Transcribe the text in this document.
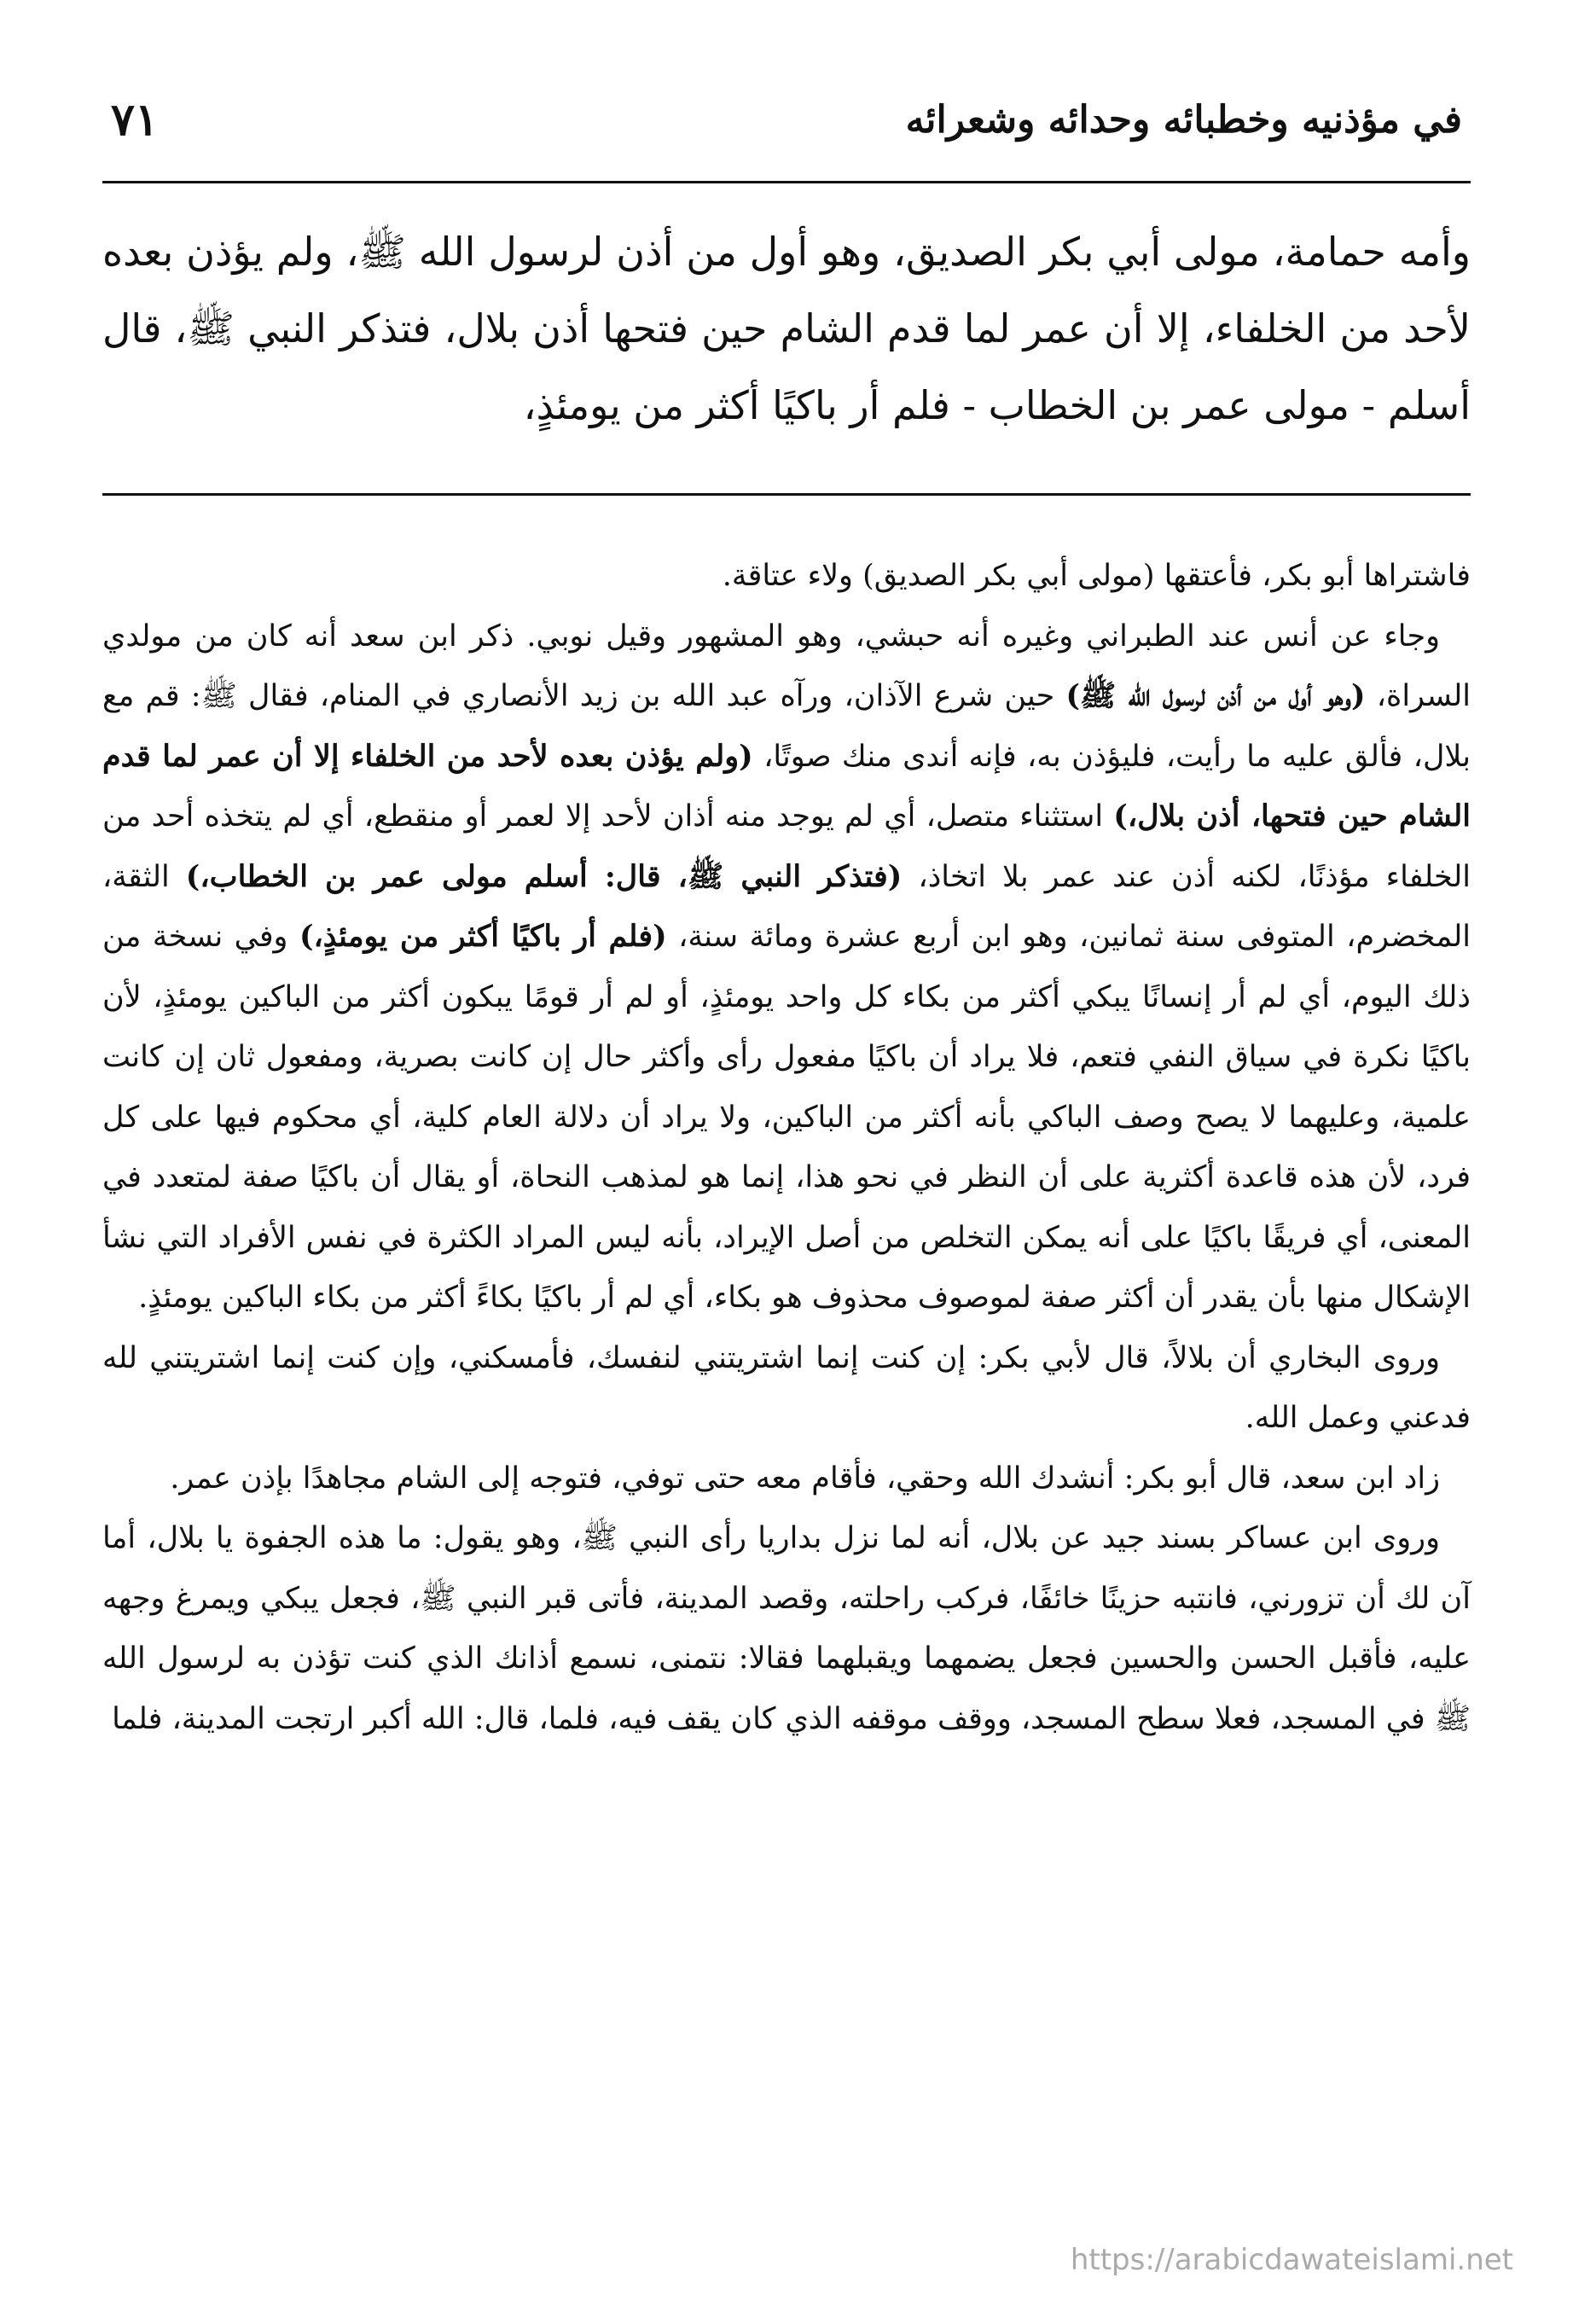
في مؤذنيه وخطبائه وحدائه وشعرائه
٧١
وأمه حمامة، مولى أبي بكر الصديق، وهو أول من أذن لرسول الله ﷺ، ولم يؤذن بعده لأحد من الخلفاء، إلا أن عمر لما قدم الشام حين فتحها أذن بلال، فتذكر النبي ﷺ، قال أسلم - مولى عمر بن الخطاب - فلم أر باكيًا أكثر من يومئذٍ،

فاشتراها أبو بكر، فأعتقها (مولى أبي بكر الصديق) ولاء عتاقة.

وجاء عن أنس عند الطبراني وغيره أنه حبشي، وهو المشهور وقيل نوبي. ذكر ابن سعد أنه كان من مولدي السراة، (وهو أول من أذن لرسول الله ﷺ) حين شرع الآذان، ورآه عبد الله بن زيد الأنصاري في المنام، فقال ﷺ: قم مع بلال، فألق عليه ما رأيت، فليؤذن به، فإنه أندى منك صوتًا، (ولم يؤذن بعده لأحد من الخلفاء إلا أن عمر لما قدم الشام حين فتحها، أذن بلال،) استثناء متصل، أي لم يوجد منه أذان لأحد إلا لعمر أو منقطع، أي لم يتخذه أحد من الخلفاء مؤذنًا، لكنه أذن عند عمر بلا اتخاذ، (فتذكر النبي ﷺ، قال: أسلم مولى عمر بن الخطاب،) الثقة، المخضرم، المتوفى سنة ثمانين، وهو ابن أربع عشرة ومائة سنة، (فلم أر باكيًا أكثر من يومئذٍ،) وفي نسخة من ذلك اليوم، أي لم أر إنسانًا يبكي أكثر من بكاء كل واحد يومئذٍ، أو لم أر قومًا يبكون أكثر من الباكين يومئذٍ، لأن باكيًا نكرة في سياق النفي فتعم، فلا يراد أن باكيًا مفعول رأى وأكثر حال إن كانت بصرية، ومفعول ثان إن كانت علمية، وعليهما لا يصح وصف الباكي بأنه أكثر من الباكين، ولا يراد أن دلالة العام كلية، أي محكوم فيها على كل فرد، لأن هذه قاعدة أكثرية على أن النظر في نحو هذا، إنما هو لمذهب النحاة، أو يقال أن باكيًا صفة لمتعدد في المعنى، أي فريقًا باكيًا على أنه يمكن التخلص من أصل الإيراد، بأنه ليس المراد الكثرة في نفس الأفراد التي نشأ الإشكال منها بأن يقدر أن أكثر صفة لموصوف محذوف هو بكاء، أي لم أر باكيًا بكاءً أكثر من بكاء الباكين يومئذٍ.

وروى البخاري أن بلالاً، قال لأبي بكر: إن كنت إنما اشتريتني لنفسك، فأمسكني، وإن كنت إنما اشتريتني لله فدعني وعمل الله.

زاد ابن سعد، قال أبو بكر: أنشدك الله وحقي، فأقام معه حتى توفي، فتوجه إلى الشام مجاهدًا بإذن عمر.

وروى ابن عساكر بسند جيد عن بلال، أنه لما نزل بداريا رأى النبي ﷺ، وهو يقول: ما هذه الجفوة يا بلال، أما آن لك أن تزورني، فانتبه حزينًا خائفًا، فركب راحلته، وقصد المدينة، فأتى قبر النبي ﷺ، فجعل يبكي ويمرغ وجهه عليه، فأقبل الحسن والحسين فجعل يضمهما ويقبلهما فقالا: نتمنى، نسمع أذانك الذي كنت تؤذن به لرسول الله ﷺ في المسجد، فعلا سطح المسجد، ووقف موقفه الذي كان يقف فيه، فلما، قال: الله أكبر ارتجت المدينة، فلما

https://arabicdawateislami.net
